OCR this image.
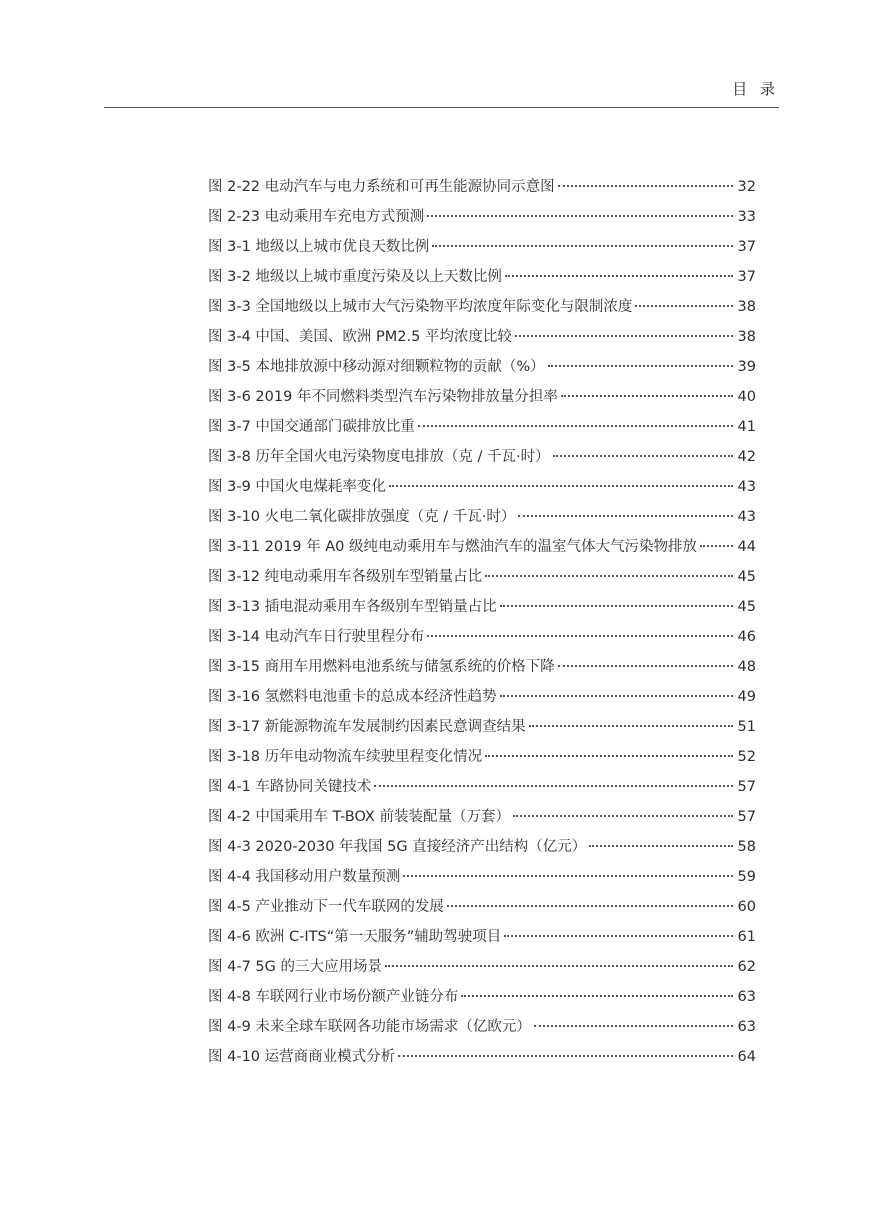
目 录
图 2-22 电动汽车与电力系统和可再生能源协同示意图	32
图 2-23 电动乘用车充电方式预测	33
图 3-1 地级以上城市优良天数比例	37
图 3-2 地级以上城市重度污染及以上天数比例	37
图 3-3 全国地级以上城市大气污染物平均浓度年际变化与限制浓度	38
图 3-4 中国、美国、欧洲 PM2.5 平均浓度比较	38
图 3-5 本地排放源中移动源对细颗粒物的贡献（%）	39
图 3-6 2019 年不同燃料类型汽车污染物排放量分担率	40
图 3-7 中国交通部门碳排放比重	41
图 3-8 历年全国火电污染物度电排放（克 / 千瓦·时）	42
图 3-9 中国火电煤耗率变化	43
图 3-10 火电二氧化碳排放强度（克 / 千瓦·时）	43
图 3-11 2019 年 A0 级纯电动乘用车与燃油汽车的温室气体大气污染物排放	44
图 3-12 纯电动乘用车各级别车型销量占比	45
图 3-13 插电混动乘用车各级别车型销量占比	45
图 3-14 电动汽车日行驶里程分布	46
图 3-15 商用车用燃料电池系统与储氢系统的价格下降	48
图 3-16 氢燃料电池重卡的总成本经济性趋势	49
图 3-17 新能源物流车发展制约因素民意调查结果	51
图 3-18 历年电动物流车续驶里程变化情况	52
图 4-1 车路协同关键技术	57
图 4-2 中国乘用车 T-BOX 前装装配量（万套）	57
图 4-3 2020-2030 年我国 5G 直接经济产出结构（亿元）	58
图 4-4 我国移动用户数量预测	59
图 4-5 产业推动下一代车联网的发展	60
图 4-6 欧洲 C-ITS“第一天服务”辅助驾驶项目	61
图 4-7 5G 的三大应用场景	62
图 4-8 车联网行业市场份额产业链分布	63
图 4-9 未来全球车联网各功能市场需求（亿欧元）	63
图 4-10 运营商商业模式分析	64
